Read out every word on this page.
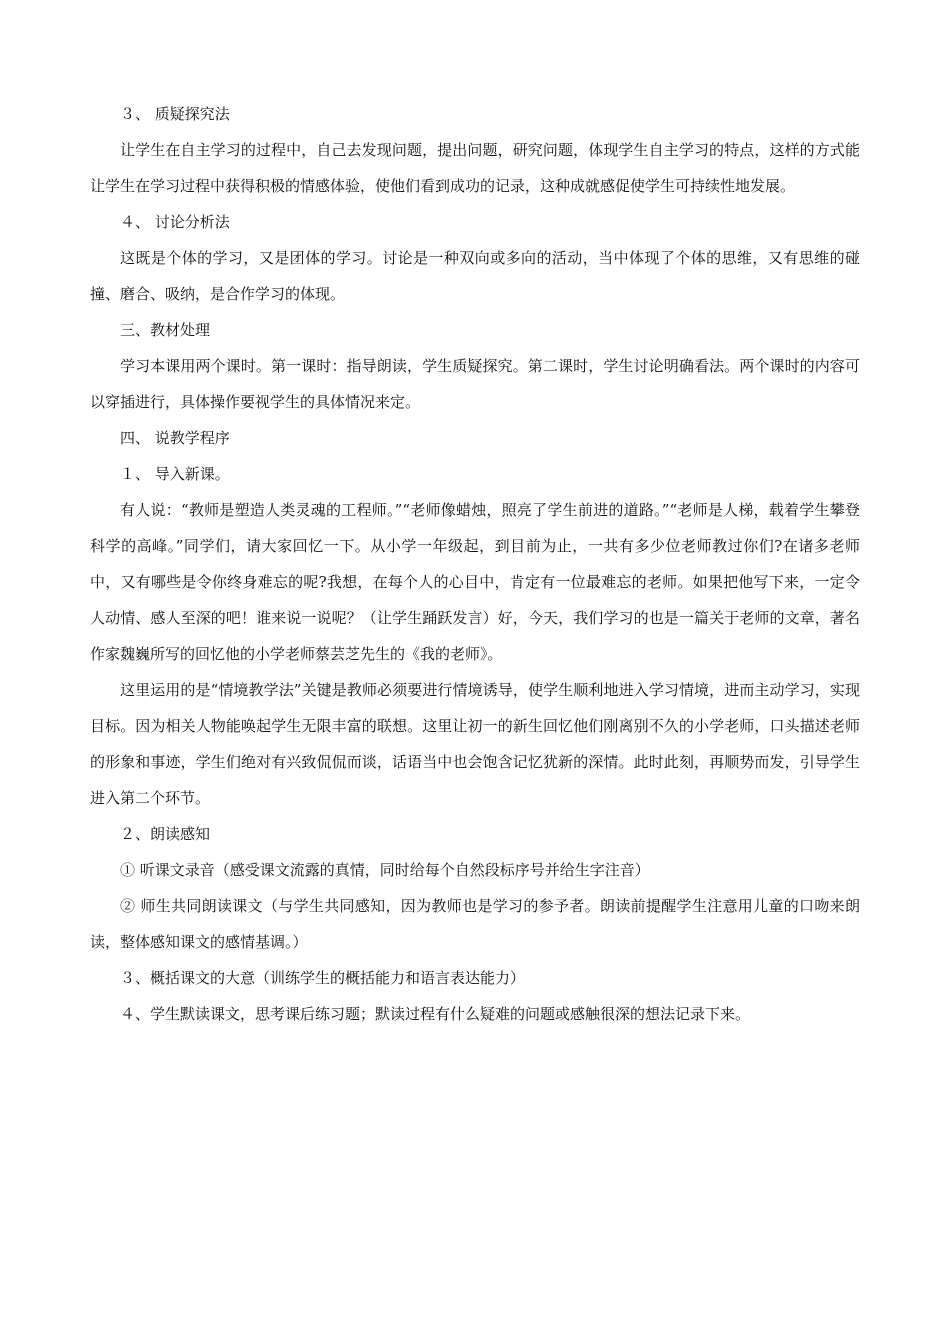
３、 质疑探究法

让学生在自主学习的过程中，自己去发现问题，提出问题，研究问题，体现学生自主学习的特点，这样的方式能让学生在学习过程中获得积极的情感体验，使他们看到成功的记录，这种成就感促使学生可持续性地发展。

４、 讨论分析法

这既是个体的学习，又是团体的学习。讨论是一种双向或多向的活动，当中体现了个体的思维，又有思维的碰撞、磨合、吸纳，是合作学习的体现。

三、教材处理

学习本课用两个课时。第一课时：指导朗读，学生质疑探究。第二课时，学生讨论明确看法。两个课时的内容可以穿插进行，具体操作要视学生的具体情况来定。

四、 说教学程序

１、 导入新课。

有人说：“教师是塑造人类灵魂的工程师。”“老师像蜡烛，照亮了学生前进的道路。”“老师是人梯，载着学生攀登科学的高峰。”同学们，请大家回忆一下。从小学一年级起，到目前为止，一共有多少位老师教过你们?在诸多老师中，又有哪些是令你终身难忘的呢?我想，在每个人的心目中，肯定有一位最难忘的老师。如果把他写下来，一定令人动情、感人至深的吧！谁来说一说呢？（让学生踊跃发言）好，今天，我们学习的也是一篇关于老师的文章，著名作家魏巍所写的回忆他的小学老师蔡芸芝先生的《我的老师》。

这里运用的是“情境教学法”关键是教师必须要进行情境诱导，使学生顺利地进入学习情境，进而主动学习，实现目标。因为相关人物能唤起学生无限丰富的联想。这里让初一的新生回忆他们刚离别不久的小学老师，口头描述老师的形象和事迹，学生们绝对有兴致侃侃而谈，话语当中也会饱含记忆犹新的深情。此时此刻，再顺势而发，引导学生进入第二个环节。

２、朗读感知

① 听课文录音（感受课文流露的真情，同时给每个自然段标序号并给生字注音）

② 师生共同朗读课文（与学生共同感知，因为教师也是学习的参予者。朗读前提醒学生注意用儿童的口吻来朗读，整体感知课文的感情基调。）

３、概括课文的大意（训练学生的概括能力和语言表达能力）

４、学生默读课文，思考课后练习题；默读过程有什么疑难的问题或感触很深的想法记录下来。
